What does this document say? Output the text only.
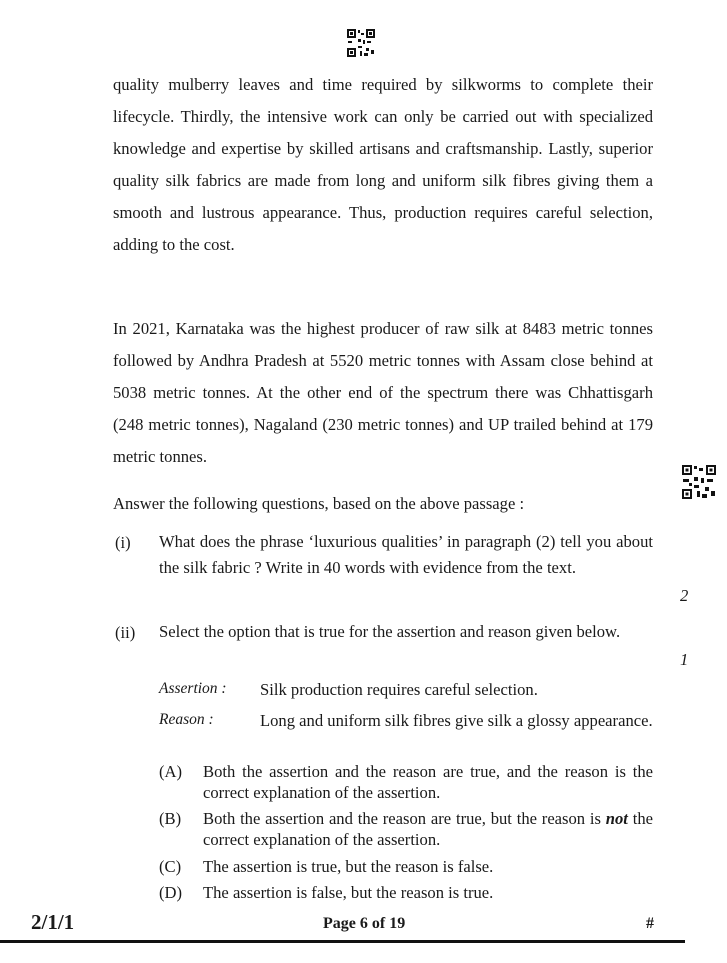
quality mulberry leaves and time required by silkworms to complete their lifecycle. Thirdly, the intensive work can only be carried out with specialized knowledge and expertise by skilled artisans and craftsmanship. Lastly, superior quality silk fabrics are made from long and uniform silk fibres giving them a smooth and lustrous appearance. Thus, production requires careful selection, adding to the cost.

In 2021, Karnataka was the highest producer of raw silk at 8483 metric tonnes followed by Andhra Pradesh at 5520 metric tonnes with Assam close behind at 5038 metric tonnes. At the other end of the spectrum there was Chhattisgarh (248 metric tonnes), Nagaland (230 metric tonnes) and UP trailed behind at 179 metric tonnes.

Answer the following questions, based on the above passage :

(i) What does the phrase ‘luxurious qualities’ in paragraph (2) tell you about the silk fabric ? Write in 40 words with evidence from the text.

2
(ii) Select the option that is true for the assertion and reason given below.

1
Assertion : Silk production requires careful selection.

Reason :	Long and uniform silk fibres give silk a glossy appearance.

(A) Both the assertion and the reason are true, and the reason is the correct explanation of the assertion.

(B) Both the assertion and the reason are true, but the reason is not the correct explanation of the assertion.

(C) The assertion is true, but the reason is false.

(D) The assertion is false, but the reason is true.

2/1/1	Page 6 of 19	#
